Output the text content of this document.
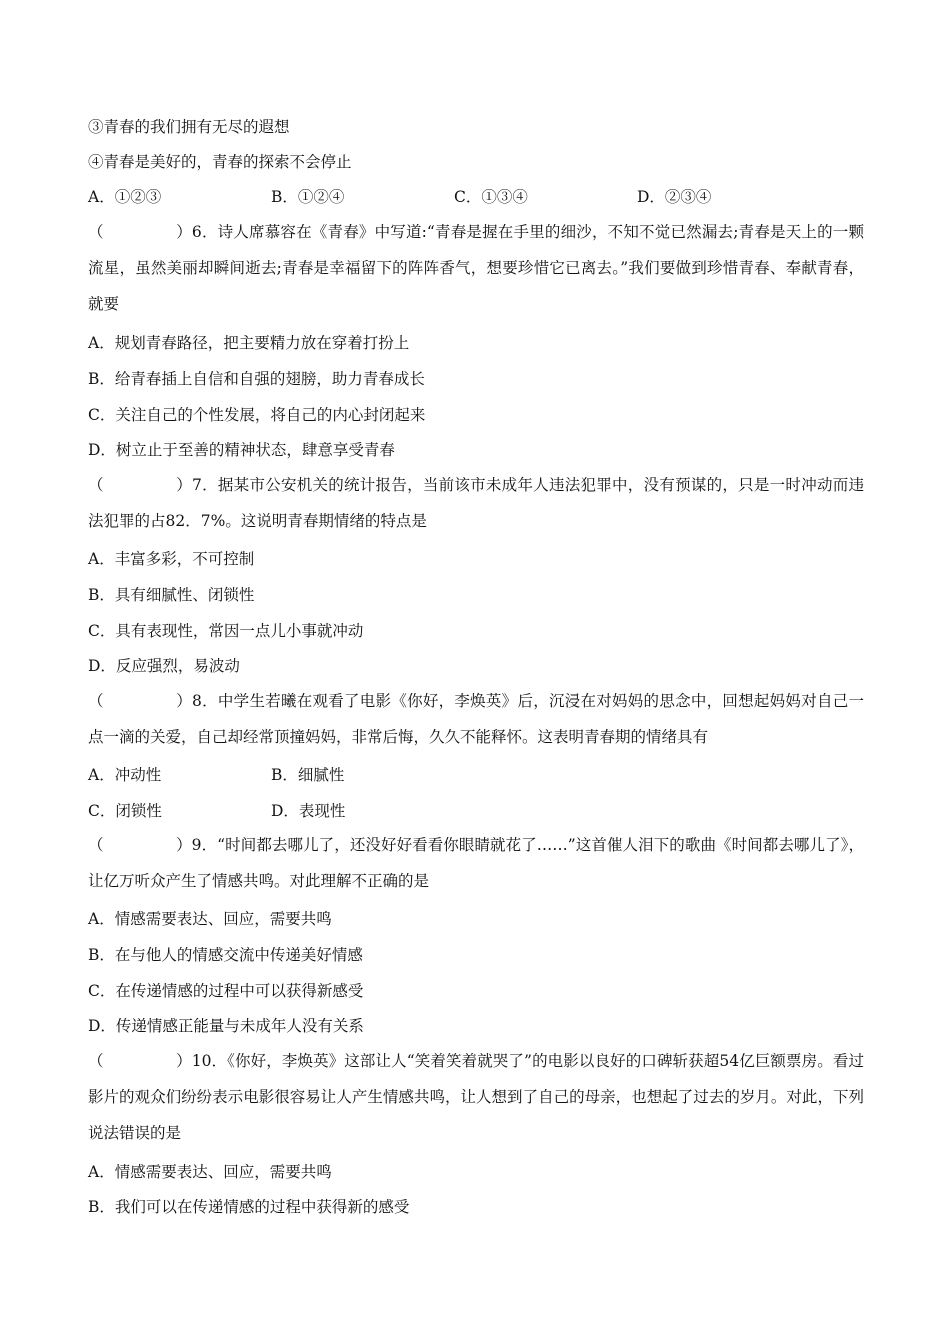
③青春的我们拥有无尽的遐想
④青春是美好的，青春的探索不会停止
A．①②③	B．①②④	C．①③④	D．②③④
（	）6．诗人席慕容在《青春》中写道:“青春是握在手里的细沙，不知不觉已然漏去;青春是天上的一颗流星，虽然美丽却瞬间逝去;青春是幸福留下的阵阵香气，想要珍惜它已离去。”我们要做到珍惜青春、奉献青春，就要
A．规划青春路径，把主要精力放在穿着打扮上
B．给青春插上自信和自强的翅膀，助力青春成长
C．关注自己的个性发展，将自己的内心封闭起来
D．树立止于至善的精神状态，肆意享受青春
（	）7．据某市公安机关的统计报告，当前该市未成年人违法犯罪中，没有预谋的，只是一时冲动而违法犯罪的占82．7%。这说明青春期情绪的特点是
A．丰富多彩，不可控制
B．具有细腻性、闭锁性
C．具有表现性，常因一点儿小事就冲动
D．反应强烈，易波动
（	）8．中学生若曦在观看了电影《你好，李焕英》后，沉浸在对妈妈的思念中，回想起妈妈对自己一点一滴的关爱，自己却经常顶撞妈妈，非常后悔，久久不能释怀。这表明青春期的情绪具有
A．冲动性	B．细腻性
C．闭锁性	D．表现性
（	）9．“时间都去哪儿了，还没好好看看你眼睛就花了……”这首催人泪下的歌曲《时间都去哪儿了》，让亿万听众产生了情感共鸣。对此理解不正确的是
A．情感需要表达、回应，需要共鸣
B．在与他人的情感交流中传递美好情感
C．在传递情感的过程中可以获得新感受
D．传递情感正能量与未成年人没有关系
（	）10．《你好，李焕英》这部让人“笑着笑着就哭了”的电影以良好的口碑斩获超54亿巨额票房。看过影片的观众们纷纷表示电影很容易让人产生情感共鸣，让人想到了自己的母亲，也想起了过去的岁月。对此，下列说法错误的是
A．情感需要表达、回应，需要共鸣
B．我们可以在传递情感的过程中获得新的感受
